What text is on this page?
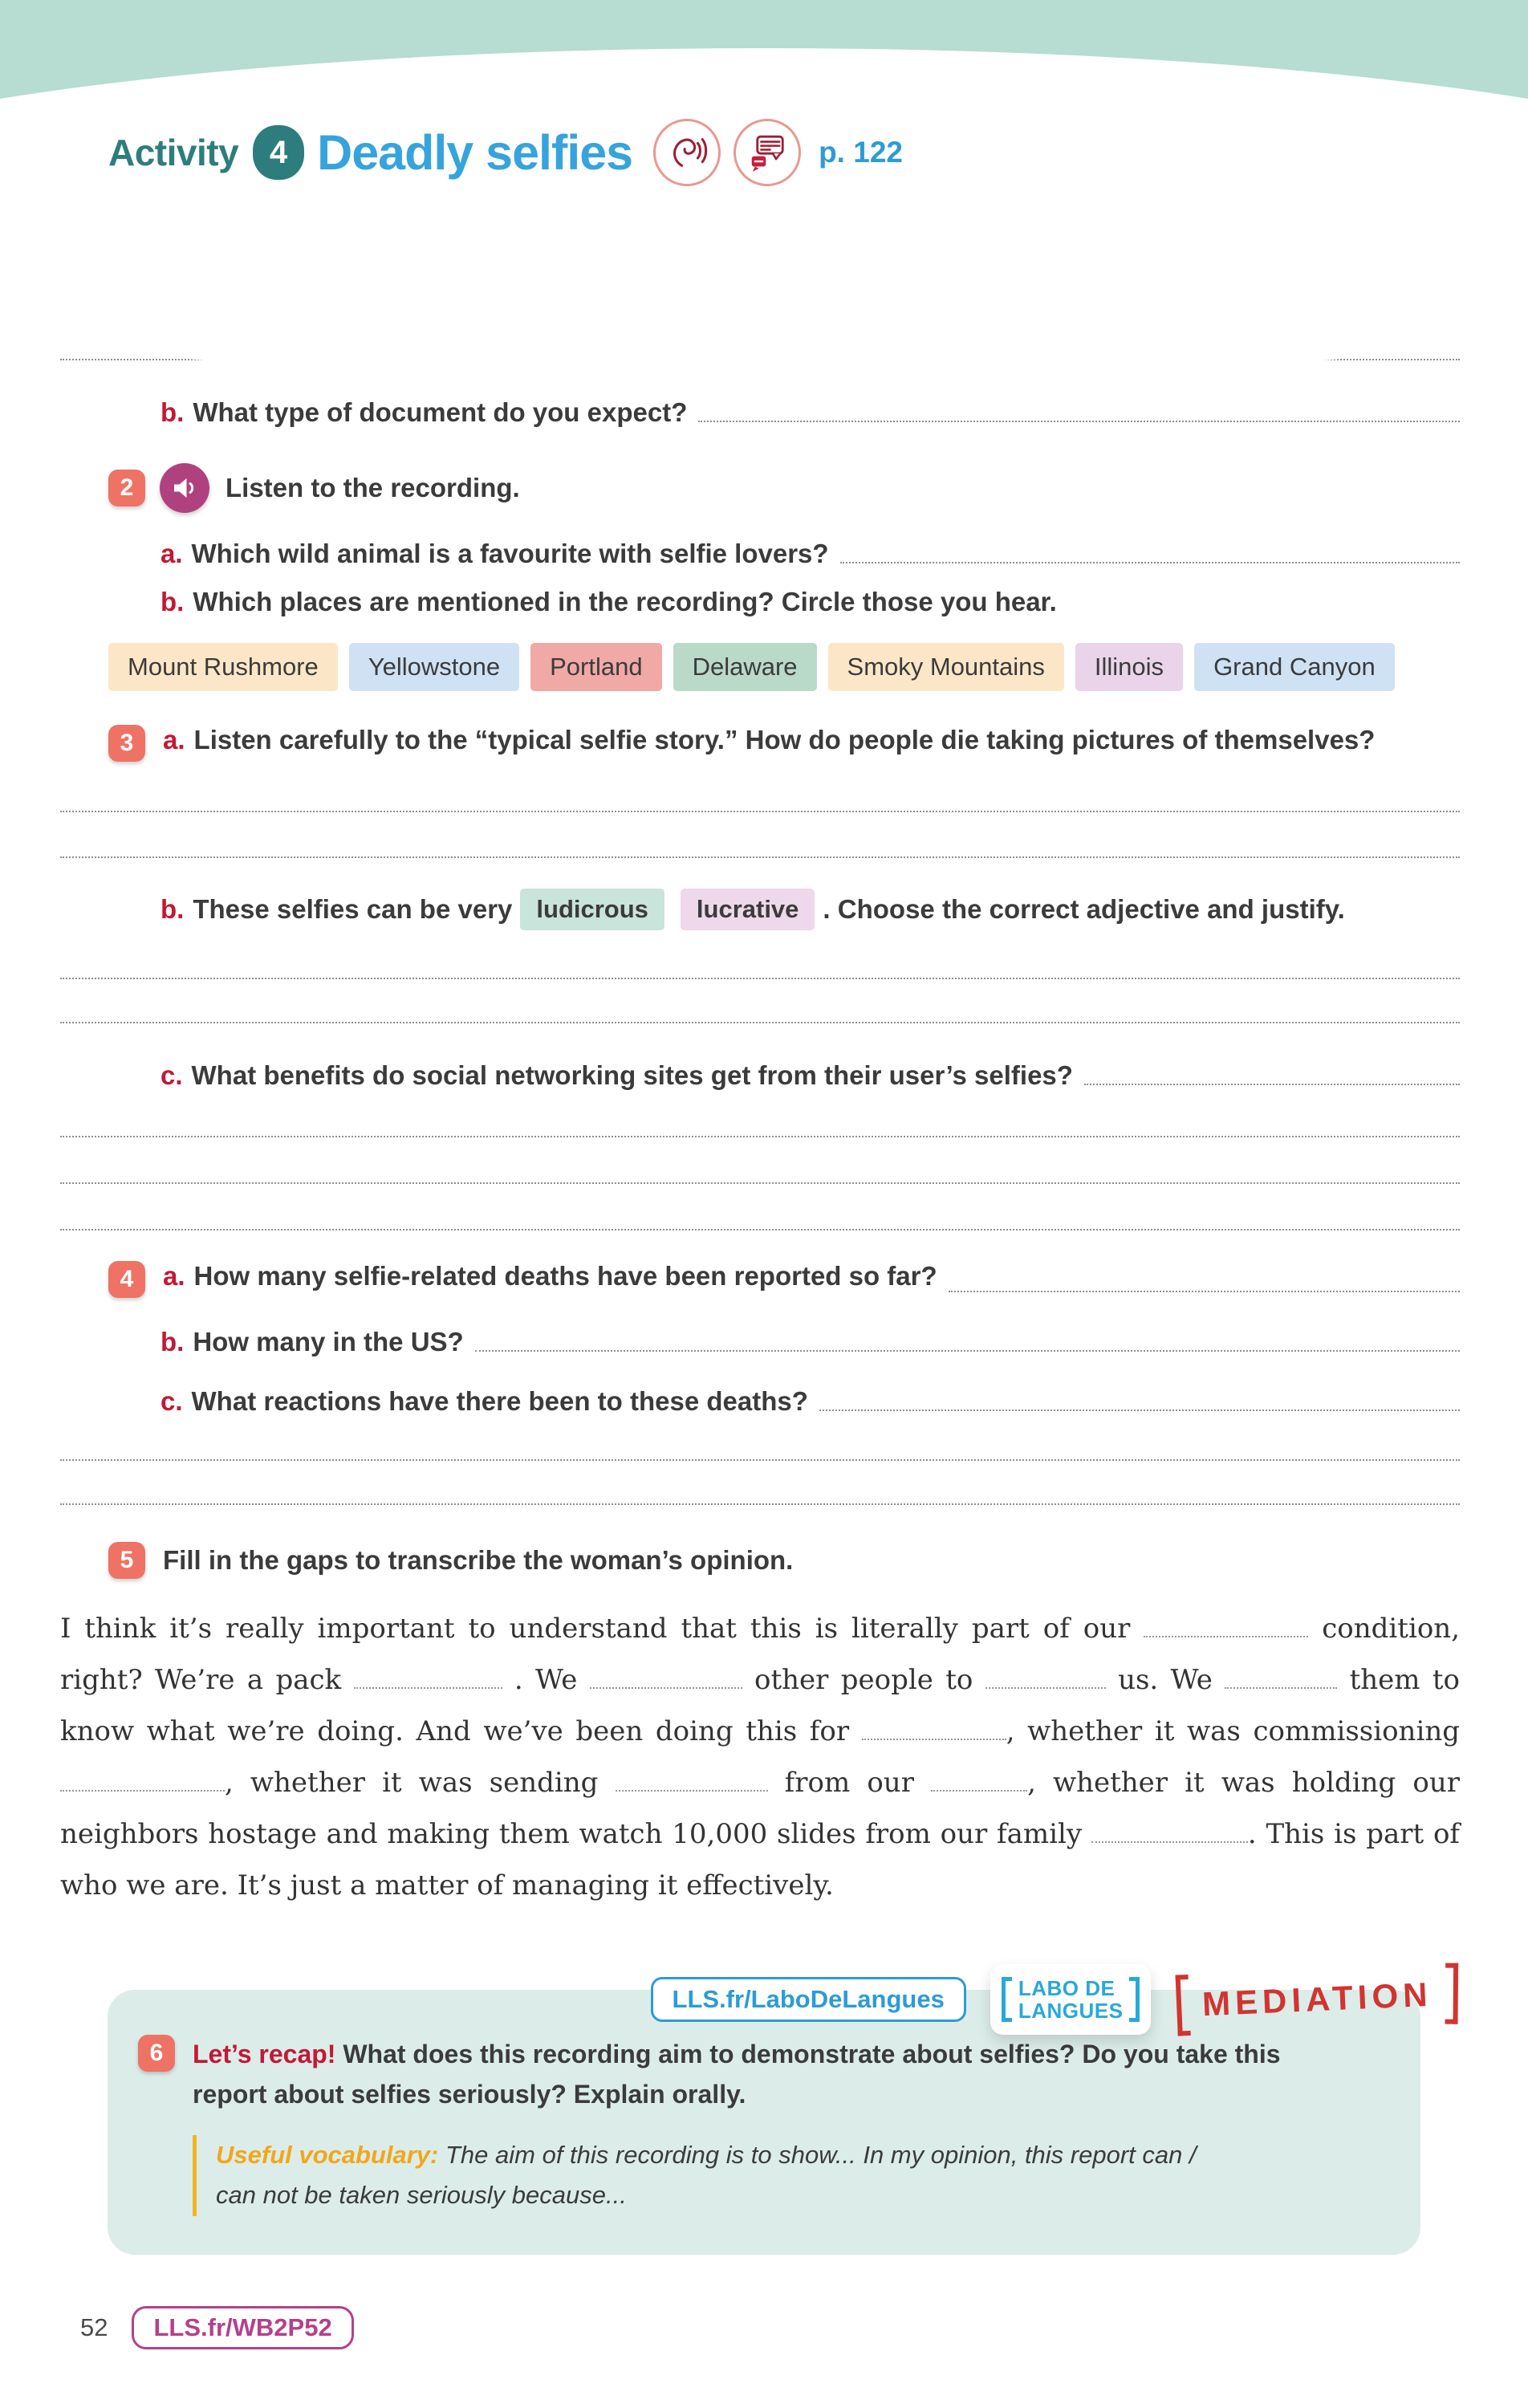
Activity 4 Deadly selfies	p. 122
b. What type of document do you expect?
2	Listen to the recording.
a. Which wild animal is a favourite with selfie lovers?
b. Which places are mentioned in the recording? Circle those you hear.
Mount Rushmore	Yellowstone	Portland	Delaware	Smoky Mountains	Illinois	Grand Canyon
3	a. Listen carefully to the “typical selfie story.” How do people die taking pictures of themselves?
b. These selfies can be very ludicrous	lucrative . Choose the correct adjective and justify.
c. What benefits do social networking sites get from their user’s selfies?
4	a. How many selfie-related deaths have been reported so far?
b. How many in the US?
c. What reactions have there been to these deaths?
5	Fill in the gaps to transcribe the woman’s opinion.

I think it’s really important to understand that this is literally part of our	condition, right? We’re a pack	. We	other people to	us. We	them to know what we’re doing. And we’ve been doing this for	, whether it was commissioning , whether it was sending	from our	, whether it was holding our neighbors hostage and making them watch 10,000 slides from our family	. This is part of who we are. It’s just a matter of managing it effectively.

LLS.fr/LaboDeLangues	LABO DE
LANGUES MEDIATION
6	Let’s recap! What does this recording aim to demonstrate about selfies? Do you take this report about selfies seriously? Explain orally.
Useful vocabulary: The aim of this recording is to show... In my opinion, this report can / can not be taken seriously because...
52	LLS.fr/WB2P52
